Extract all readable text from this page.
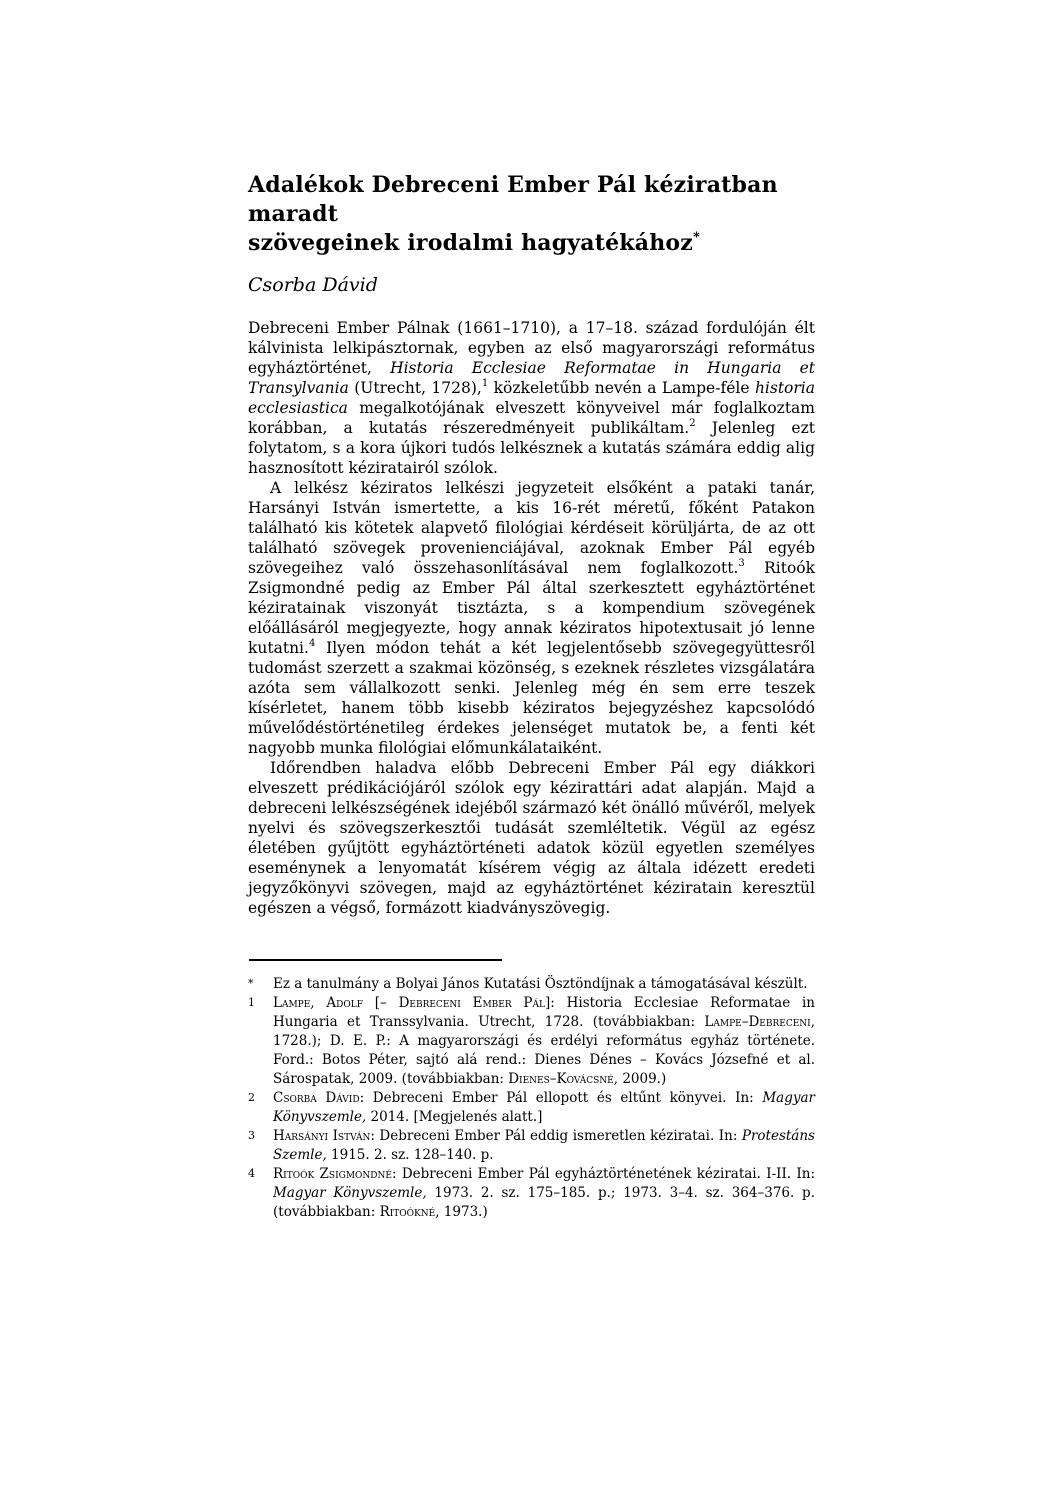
Adalékok Debreceni Ember Pál kéziratban maradt
szövegeinek irodalmi hagyatékához*
Csorba Dávid

Debreceni Ember Pálnak (1661–1710), a 17–18. század fordulóján élt kálvinista lelkipásztornak, egyben az első magyarországi református egyháztörténet, Historia Ecclesiae Reformatae in Hungaria et Transylvania (Utrecht, 1728),$^1$ közkeletűbb nevén a Lampe-féle historia ecclesiastica megalkotójának elveszett könyveivel már foglalkoztam korábban, a kutatás részeredményeit publikáltam.$^2$ Jelenleg ezt folytatom, s a kora újkori tudós lelkésznek a kutatás számára eddig alig hasznosított kéziratairól szólok.

A lelkész kéziratos lelkészi jegyzeteit elsőként a pataki tanár, Harsányi István ismertette, a kis 16-rét méretű, főként Patakon található kis kötetek alapvető filológiai kérdéseit körüljárta, de az ott található szövegek provenienciájával, azoknak Ember Pál egyéb szövegeihez való összehasonlításával nem foglalkozott.$^3$ Ritoók Zsigmondné pedig az Ember Pál által szerkesztett egyháztörténet kéziratainak viszonyát tisztázta, s a kompendium szövegének előállásáról megjegyezte, hogy annak kéziratos hipotextusait jó lenne kutatni.$^4$ Ilyen módon tehát a két legjelentősebb szövegegyüttesről tudomást szerzett a szakmai közönség, s ezeknek részletes vizsgálatára azóta sem vállalkozott senki. Jelenleg még én sem erre teszek kísérletet, hanem több kisebb kéziratos bejegyzéshez kapcsolódó művelődéstörténetileg érdekes jelenséget mutatok be, a fenti két nagyobb munka filológiai előmunkálataiként.

Időrendben haladva előbb Debreceni Ember Pál egy diákkori elveszett prédikációjáról szólok egy kézirattári adat alapján. Majd a debreceni lelkészségének idejéből származó két önálló művéről, melyek nyelvi és szövegszerkesztői tudását szemléltetik. Végül az egész életében gyűjtött egyháztörténeti adatok közül egyetlen személyes eseménynek a lenyomatát kísérem végig az általa idézett eredeti jegyzőkönyvi szövegen, majd az egyháztörténet kéziratain keresztül egészen a végső, formázott kiadványszövegig.

*	Ez a tanulmány a Bolyai János Kutatási Ösztöndíjnak a támogatásával készült.
1	Lampe, Adolf [– Debreceni Ember Pál]: Historia Ecclesiae Reformatae in Hungaria et Transsylvania. Utrecht, 1728. (továbbiakban: Lampe–Debreceni, 1728.); D. E. P.: A magyarországi és erdélyi református egyház története. Ford.: Botos Péter, sajtó alá rend.: Dienes Dénes – Kovács Józsefné et al. Sárospatak, 2009. (továbbiakban: Dienes–Kovácsné, 2009.)
2	Csorba Dávid: Debreceni Ember Pál ellopott és eltűnt könyvei. In: Magyar Könyvszemle, 2014. [Megjelenés alatt.]
3	Harsányi István: Debreceni Ember Pál eddig ismeretlen kéziratai. In: Protestáns Szemle, 1915. 2. sz. 128–140. p.
4	Ritoók Zsigmondné: Debreceni Ember Pál egyháztörténetének kéziratai. I-II. In: Magyar Könyvszemle, 1973. 2. sz. 175–185. p.; 1973. 3–4. sz. 364–376. p. (továbbiakban: Ritoókné, 1973.)
